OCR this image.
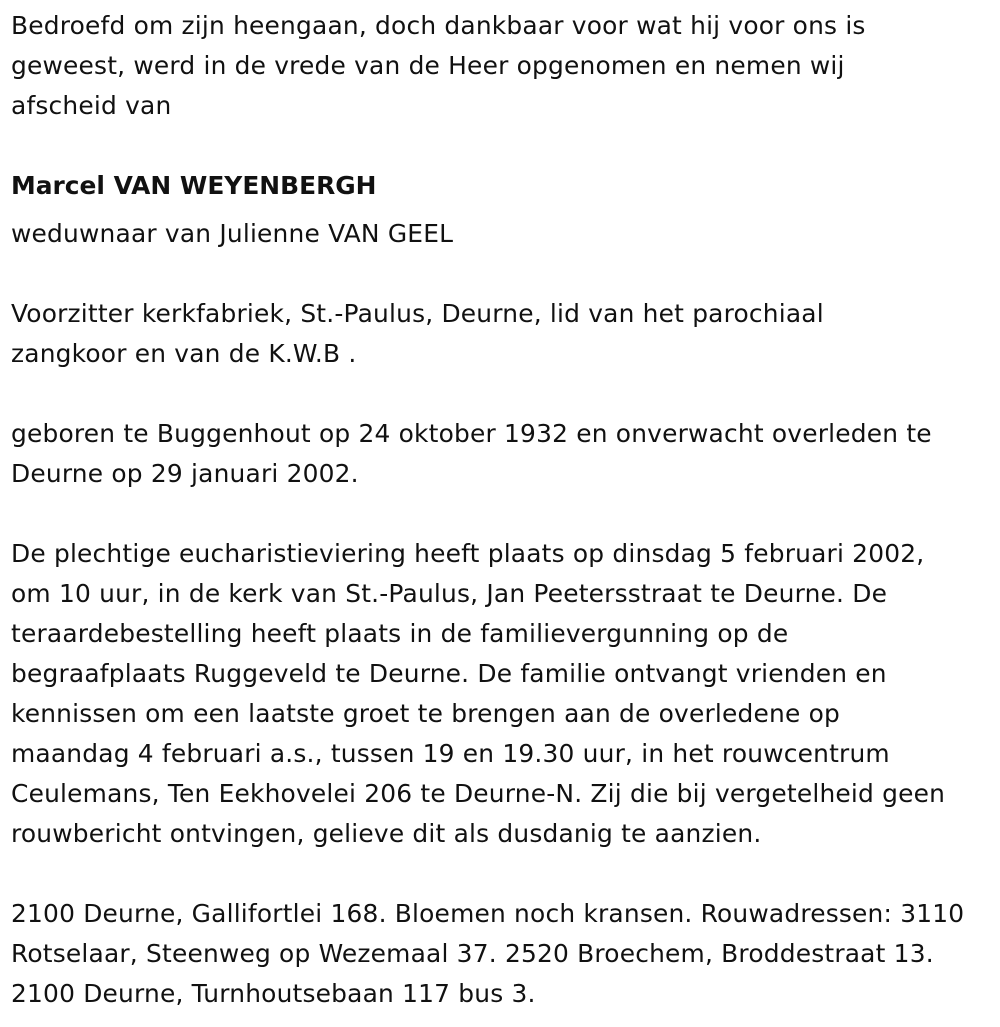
Bedroefd om zijn heengaan, doch dankbaar voor wat hij voor ons is
geweest, werd in de vrede van de Heer opgenomen en nemen wij
afscheid van
Marcel VAN WEYENBERGH
weduwnaar van Julienne VAN GEEL
Voorzitter kerkfabriek, St.-Paulus, Deurne, lid van het parochiaal
zangkoor en van de K.W.B .
geboren te Buggenhout op 24 oktober 1932 en onverwacht overleden te
Deurne op 29 januari 2002.
De plechtige eucharistieviering heeft plaats op dinsdag 5 februari 2002,
om 10 uur, in de kerk van St.-Paulus, Jan Peetersstraat te Deurne. De
teraardebestelling heeft plaats in de familievergunning op de
begraafplaats Ruggeveld te Deurne. De familie ontvangt vrienden en
kennissen om een laatste groet te brengen aan de overledene op
maandag 4 februari a.s., tussen 19 en 19.30 uur, in het rouwcentrum
Ceulemans, Ten Eekhovelei 206 te Deurne-N. Zij die bij vergetelheid geen
rouwbericht ontvingen, gelieve dit als dusdanig te aanzien.
2100 Deurne, Gallifortlei 168. Bloemen noch kransen. Rouwadressen: 3110
Rotselaar, Steenweg op Wezemaal 37. 2520 Broechem, Broddestraat 13.
2100 Deurne, Turnhoutsebaan 117 bus 3.
